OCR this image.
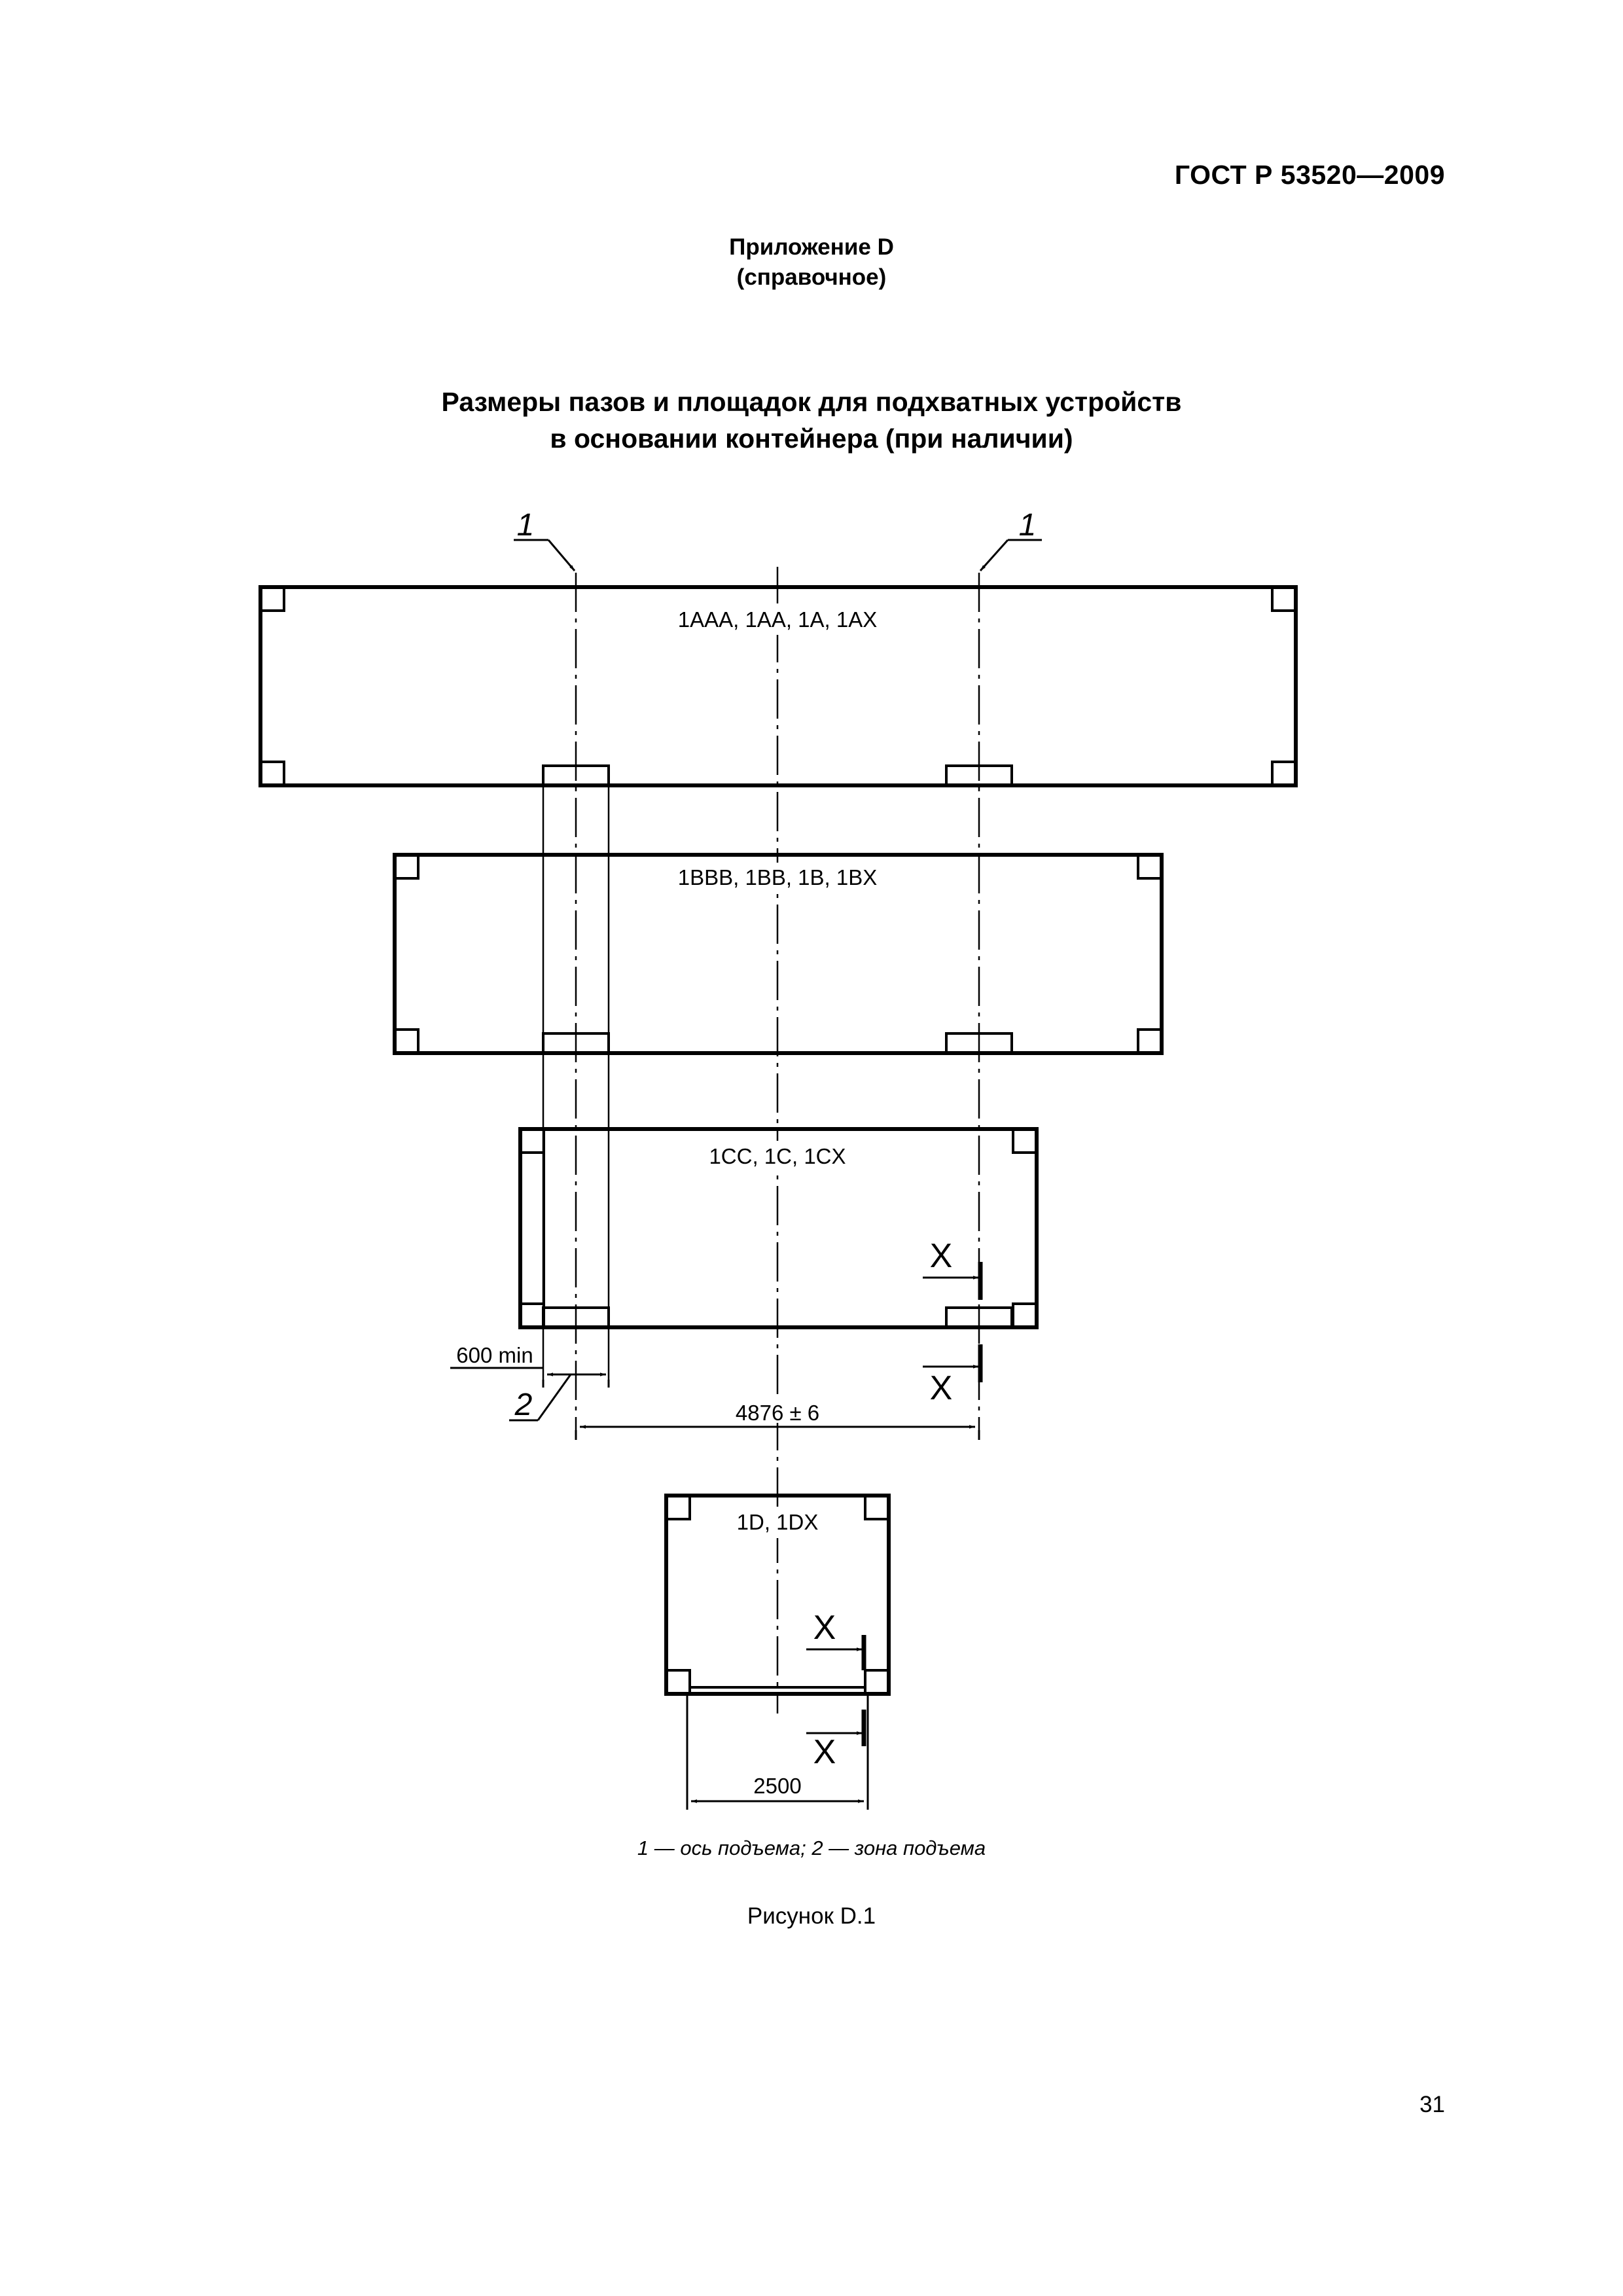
ГОСТ Р 53520—2009
Приложение D
(справочное)
Размеры пазов и площадок для подхватных устройств
в основании контейнера (при наличии)
1AAA, 1AA, 1A, 1AX
1BBB, 1BB, 1B, 1BX
1CC, 1C, 1CX
X
X
1D, 1DX
X
X
1	1
600 min
2	4876 ± 6
2500
1 — ось подъема; 2 — зона подъема
Рисунок D.1
31
